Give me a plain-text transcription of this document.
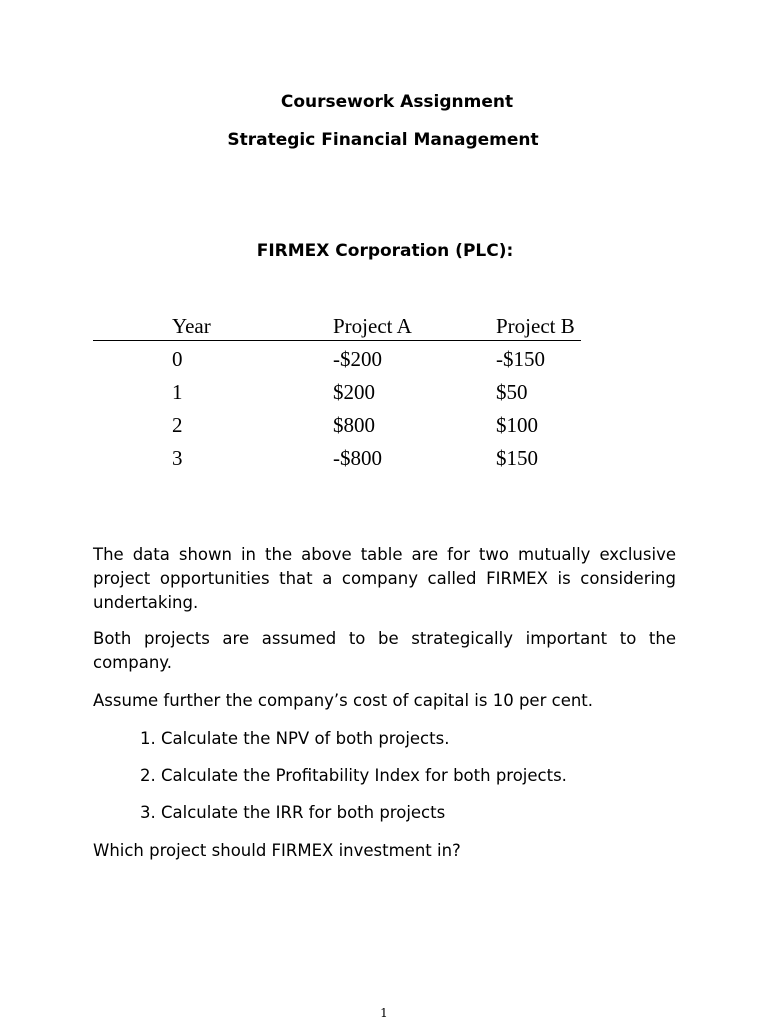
Coursework Assignment
Strategic Financial Management
FIRMEX Corporation (PLC):
Year	Project A	Project B
0	-$200	-$150
1	$200	$50
2	$800	$100
3	-$800	$150
The data shown in the above table are for two mutually exclusive project opportunities that a company called FIRMEX is considering undertaking.
Both projects are assumed to be strategically important to the company.
Assume further the company’s cost of capital is 10 per cent.
1. Calculate the NPV of both projects.
2. Calculate the Profitability Index for both projects.
3. Calculate the IRR for both projects
Which project should FIRMEX investment in?
1
